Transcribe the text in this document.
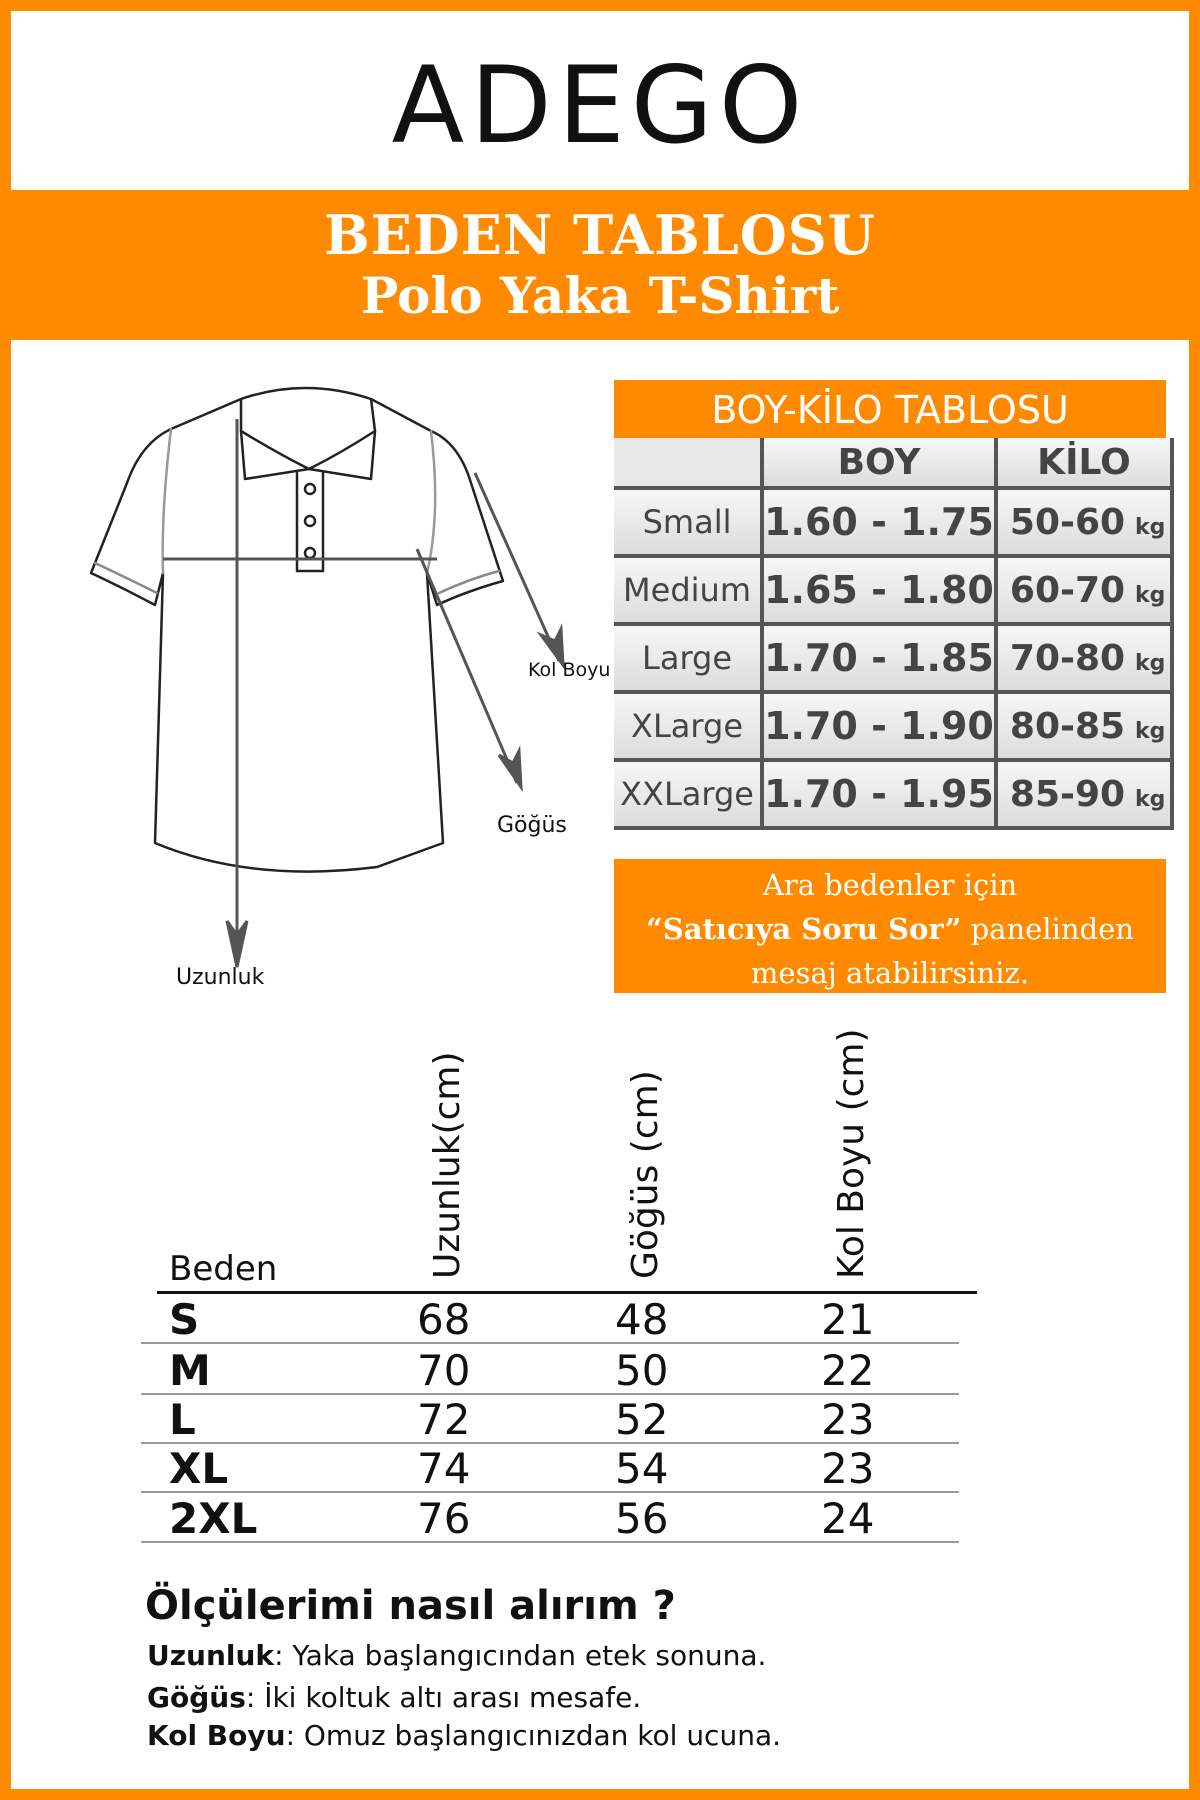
ADEGO
BEDEN TABLOSU
Polo Yaka T-Shirt
Kol Boyu
Göğüs
Uzunluk
BOY-KİLO TABLOSU
	BOY	KİLO
Small	1.60 - 1.75	50-60 kg
Medium	1.65 - 1.80	60-70 kg
Large	1.70 - 1.85	70-80 kg
XLarge	1.70 - 1.90	80-85 kg
XXLarge	1.70 - 1.95	85-90 kg
Ara bedenler için
“Satıcıya Soru Sor” panelinden
mesaj atabilirsiniz.
Beden	Uzunluk(cm)	Göğüs (cm)	Kol Boyu (cm)
S	68	48	21
M	70	50	22
L	72	52	23
XL	74	54	23
2XL	76	56	24
Ölçülerimi nasıl alırım ?
Uzunluk: Yaka başlangıcından etek sonuna.
Göğüs: İki koltuk altı arası mesafe.
Kol Boyu: Omuz başlangıcınızdan kol ucuna.
